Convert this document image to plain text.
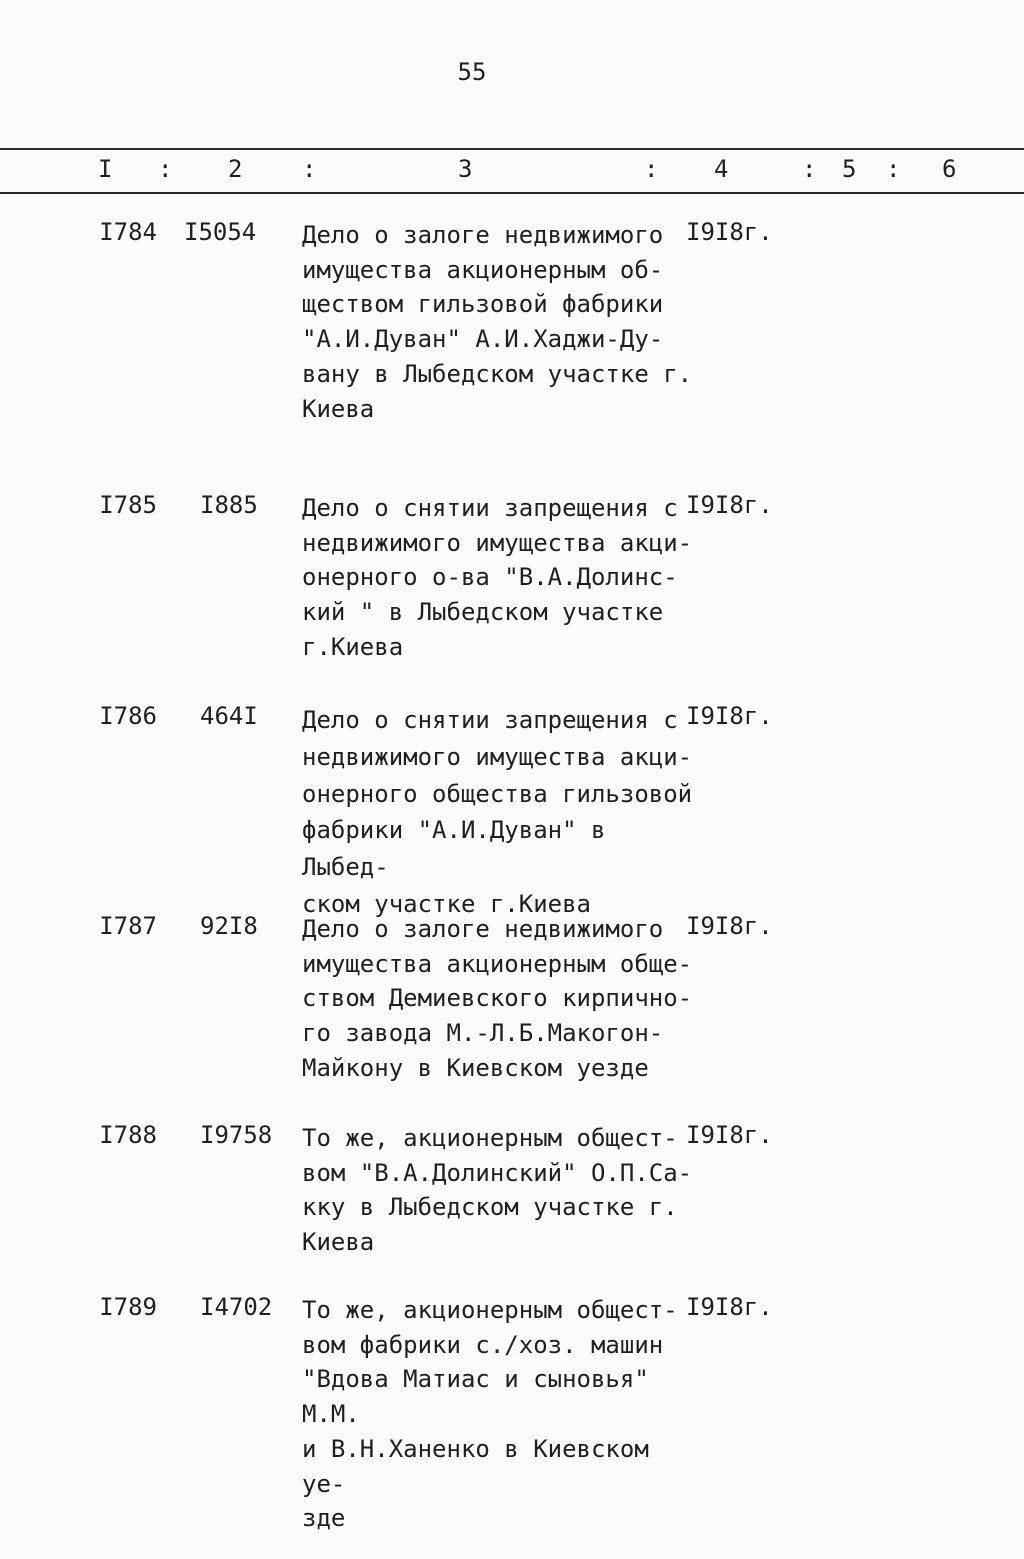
55
I : 2 :	3	: 4	: 5 : 6
I784 I5054 Дело о залоге недвижимого
имущества акционерным об-
ществом гильзовой фабрики
"А.И.Дуван" А.И.Хаджи-Ду-
вану в Лыбедском участке г.
Киева
I9I8г.
I785 I885 Дело о снятии запрещения с
недвижимого имущества акци-
онерного о-ва "В.А.Долинс-
кий " в Лыбедском участке
г.Киева
I9I8г.
I786 464I Дело о снятии запрещения с
недвижимого имущества акци-
онерного общества гильзовой
фабрики "А.И.Дуван" в Лыбед-
ском участке г.Киева
I9I8г.
I787 92I8 Дело о залоге недвижимого
имущества акционерным обще-
ством Демиевского кирпично-
го завода М.-Л.Б.Макогон-
Майкону в Киевском уезде
I9I8г.
I788 I9758 То же, акционерным общест-
вом "В.А.Долинский" О.П.Са-
кку в Лыбедском участке г.
Киева
I9I8г.
I789 I4702 То же, акционерным общест-
вом фабрики с./хоз. машин
"Вдова Матиас и сыновья" М.М.
и В.Н.Ханенко в Киевском уе-
зде
I9I8г.
